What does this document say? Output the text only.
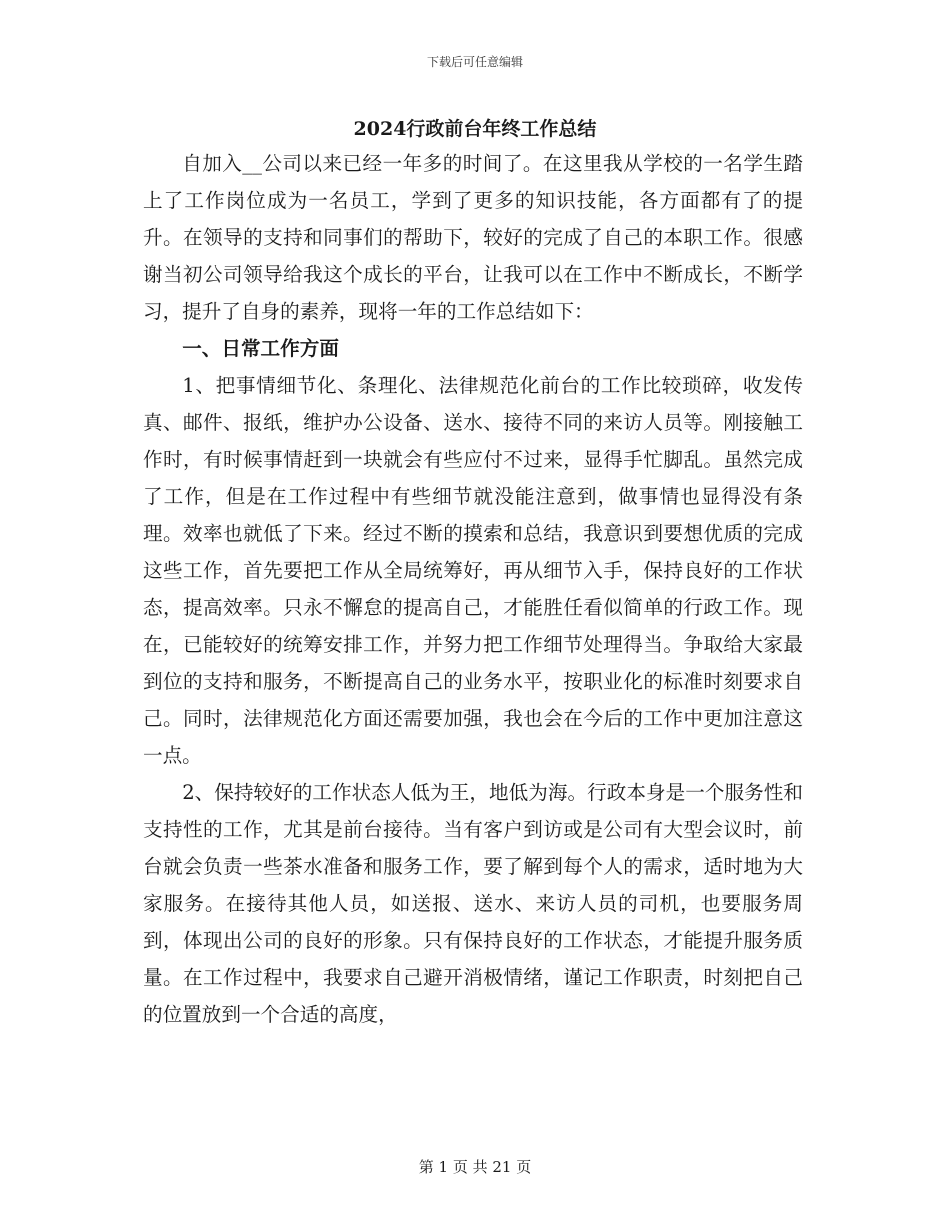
下载后可任意编辑
2024行政前台年终工作总结

自加入__公司以来已经一年多的时间了。在这里我从学校的一名学生踏上了工作岗位成为一名员工，学到了更多的知识技能，各方面都有了的提升。在领导的支持和同事们的帮助下，较好的完成了自己的本职工作。很感谢当初公司领导给我这个成长的平台，让我可以在工作中不断成长，不断学习，提升了自身的素养，现将一年的工作总结如下：

一、日常工作方面

1、把事情细节化、条理化、法律规范化前台的工作比较琐碎，收发传真、邮件、报纸，维护办公设备、送水、接待不同的来访人员等。刚接触工作时，有时候事情赶到一块就会有些应付不过来，显得手忙脚乱。虽然完成了工作，但是在工作过程中有些细节就没能注意到，做事情也显得没有条理。效率也就低了下来。经过不断的摸索和总结，我意识到要想优质的完成这些工作，首先要把工作从全局统筹好，再从细节入手，保持良好的工作状态，提高效率。只永不懈怠的提高自己，才能胜任看似简单的行政工作。现在，已能较好的统筹安排工作，并努力把工作细节处理得当。争取给大家最到位的支持和服务，不断提高自己的业务水平，按职业化的标准时刻要求自己。同时，法律规范化方面还需要加强，我也会在今后的工作中更加注意这一点。

2、保持较好的工作状态人低为王，地低为海。行政本身是一个服务性和支持性的工作，尤其是前台接待。当有客户到访或是公司有大型会议时，前台就会负责一些茶水准备和服务工作，要了解到每个人的需求，适时地为大家服务。在接待其他人员，如送报、送水、来访人员的司机，也要服务周到，体现出公司的良好的形象。只有保持良好的工作状态，才能提升服务质量。在工作过程中，我要求自己避开消极情绪，谨记工作职责，时刻把自己的位置放到一个合适的高度，

第 1 页 共 21 页
